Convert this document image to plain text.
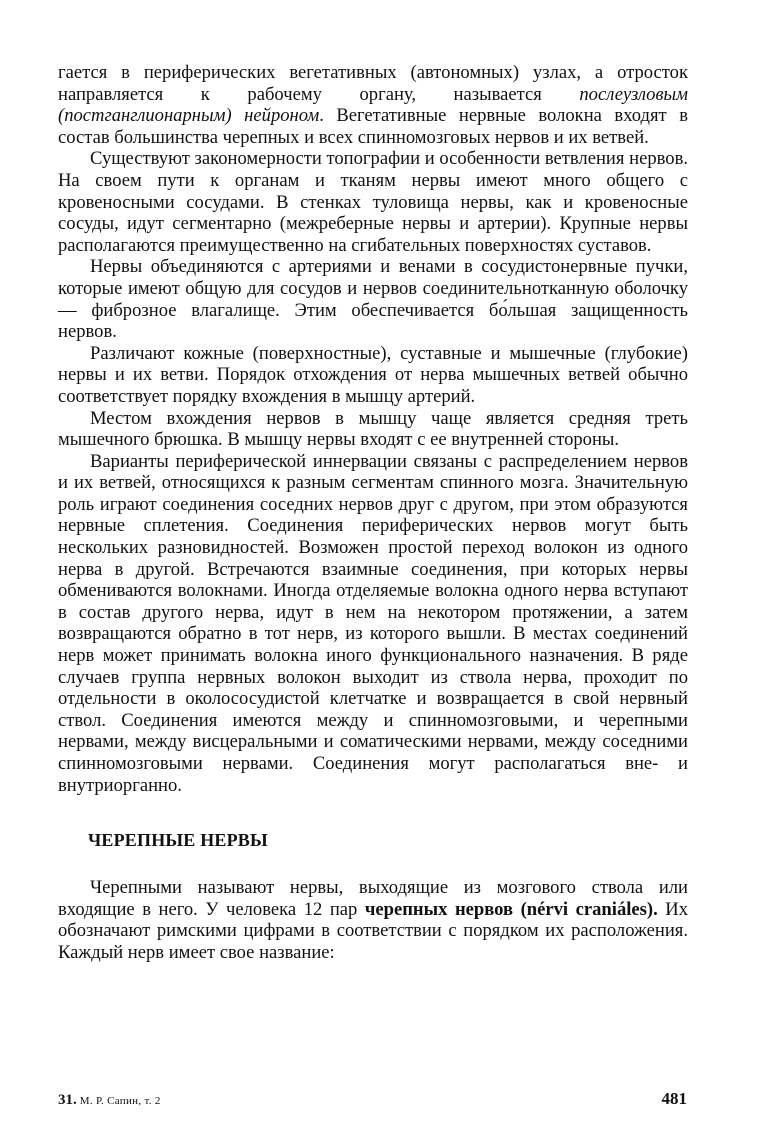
гается в периферических вегетативных (автономных) узлах, а отросток направляется к рабочему органу, называется послеузловым (постганглионарным) нейроном. Вегетативные нервные волокна входят в состав большинства черепных и всех спинномозговых нервов и их ветвей.

Существуют закономерности топографии и особенности ветвления нервов. На своем пути к органам и тканям нервы имеют много общего с кровеносными сосудами. В стенках туловища нервы, как и кровеносные сосуды, идут сегментарно (межреберные нервы и артерии). Крупные нервы располагаются преимущественно на сгибательных поверхностях суставов.

Нервы объединяются с артериями и венами в сосудистонервные пучки, которые имеют общую для сосудов и нервов соединительнотканную оболочку — фиброзное влагалище. Этим обеспечивается бо́льшая защищенность нервов.

Различают кожные (поверхностные), суставные и мышечные (глубокие) нервы и их ветви. Порядок отхождения от нерва мышечных ветвей обычно соответствует порядку вхождения в мышцу артерий.

Местом вхождения нервов в мышцу чаще является средняя треть мышечного брюшка. В мышцу нервы входят с ее внутренней стороны.

Варианты периферической иннервации связаны с распределением нервов и их ветвей, относящихся к разным сегментам спинного мозга. Значительную роль играют соединения соседних нервов друг с другом, при этом образуются нервные сплетения. Соединения периферических нервов могут быть нескольких разновидностей. Возможен простой переход волокон из одного нерва в другой. Встречаются взаимные соединения, при которых нервы обмениваются волокнами. Иногда отделяемые волокна одного нерва вступают в состав другого нерва, идут в нем на некотором протяжении, а затем возвращаются обратно в тот нерв, из которого вышли. В местах соединений нерв может принимать волокна иного функционального назначения. В ряде случаев группа нервных волокон выходит из ствола нерва, проходит по отдельности в околососудистой клетчатке и возвращается в свой нервный ствол. Соединения имеются между и спинномозговыми, и черепными нервами, между висцеральными и соматическими нервами, между соседними спинномозговыми нервами. Соединения могут располагаться вне- и внутриорганно.

ЧЕРЕПНЫЕ НЕРВЫ

Черепными называют нервы, выходящие из мозгового ствола или входящие в него. У человека 12 пар черепных нервов (nérvi craniáles). Их обозначают римскими цифрами в соответствии с порядком их расположения. Каждый нерв имеет свое название:

31. М. Р. Сапин, т. 2	481
